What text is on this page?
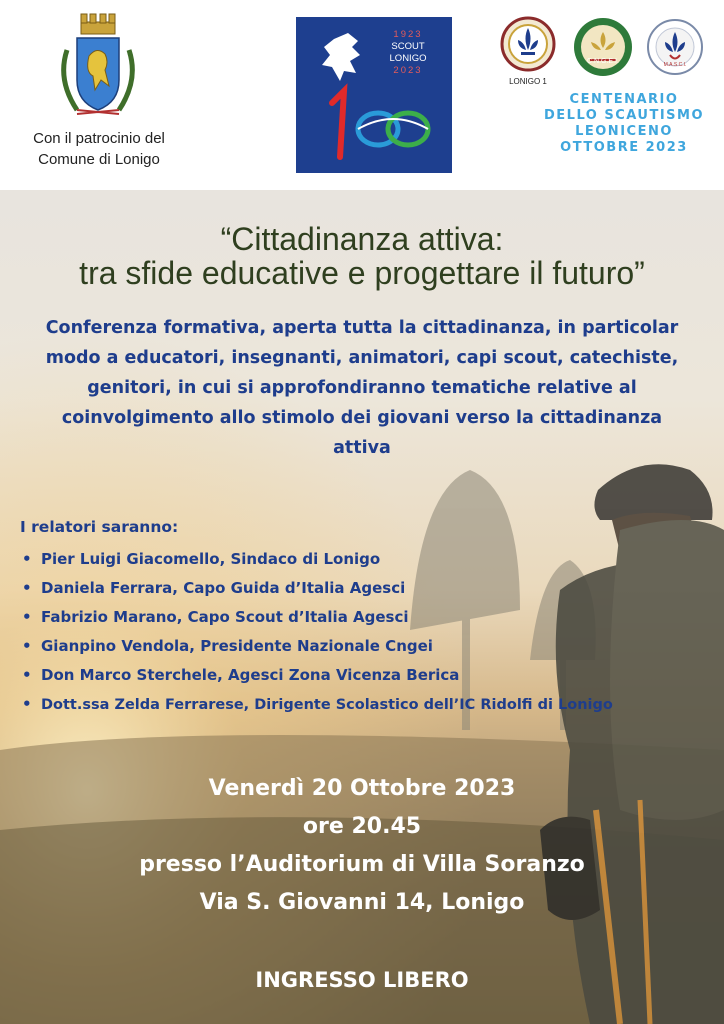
Con il patrocinio del
Comune di Lonigo
1923
SCOUT
LONIGO
2023
LONIGO 1
C.N.G.E.I.	M.A.S.C.I.
CENTENARIO
DELLO SCAUTISMO
LEONICENO
OTTOBRE 2023
“Cittadinanza attiva:
tra sfide educative e progettare il futuro”
Conferenza formativa, aperta tutta la cittadinanza, in particolar modo a educatori, insegnanti, animatori, capi scout, catechiste, genitori, in cui si approfondiranno tematiche relative al coinvolgimento allo stimolo dei giovani verso la cittadinanza attiva
I relatori saranno:
• Pier Luigi Giacomello, Sindaco di Lonigo
• Daniela Ferrara, Capo Guida d’Italia Agesci
• Fabrizio Marano, Capo Scout d’Italia Agesci
• Gianpino Vendola, Presidente Nazionale Cngei
• Don Marco Sterchele, Agesci Zona Vicenza Berica
• Dott.ssa Zelda Ferrarese, Dirigente Scolastico dell’IC Ridolfi di Lonigo
Venerdì 20 Ottobre 2023
ore 20.45
presso l’Auditorium di Villa Soranzo
Via S. Giovanni 14, Lonigo
INGRESSO LIBERO
